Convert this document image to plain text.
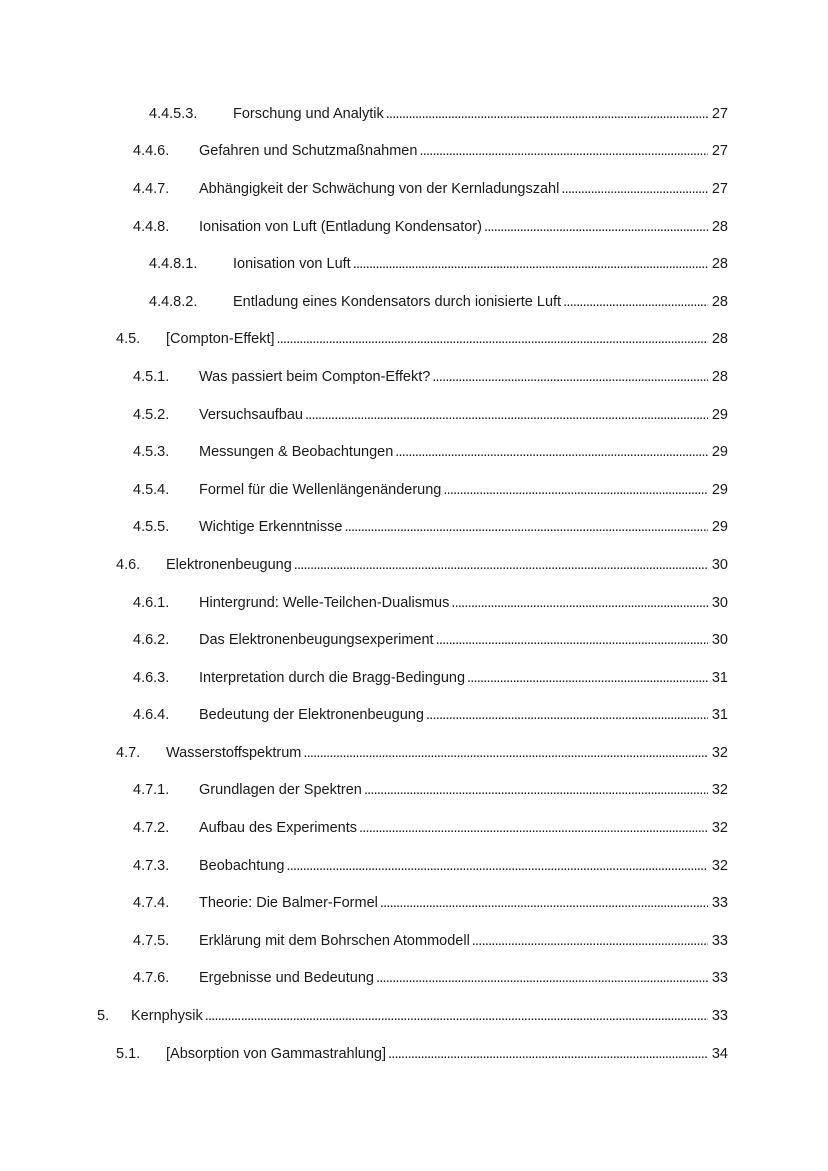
4.4.5.3. Forschung und Analytik . . .	27
4.4.6. Gefahren und Schutzmaßnahmen . . .	27
4.4.7. Abhängigkeit der Schwächung von der Kernladungszahl . . .	27
4.4.8. Ionisation von Luft (Entladung Kondensator) . . .	28
4.4.8.1. Ionisation von Luft . . .	28
4.4.8.2. Entladung eines Kondensators durch ionisierte Luft . . .	28
4.5. [Compton-Effekt] . . .	28
4.5.1. Was passiert beim Compton-Effekt? . . .	28
4.5.2. Versuchsaufbau . . .	29
4.5.3. Messungen & Beobachtungen . . .	29
4.5.4. Formel für die Wellenlängenänderung . . .	29
4.5.5. Wichtige Erkenntnisse . . .	29
4.6. Elektronenbeugung . . .	30
4.6.1. Hintergrund: Welle-Teilchen-Dualismus . . .	30
4.6.2. Das Elektronenbeugungsexperiment . . .	30
4.6.3. Interpretation durch die Bragg-Bedingung . . .	31
4.6.4. Bedeutung der Elektronenbeugung . . .	31
4.7. Wasserstoffspektrum . . .	32
4.7.1. Grundlagen der Spektren . . .	32
4.7.2. Aufbau des Experiments . . .	32
4.7.3. Beobachtung . . .	32
4.7.4. Theorie: Die Balmer-Formel . . .	33
4.7.5. Erklärung mit dem Bohrschen Atommodell . . .	33
4.7.6. Ergebnisse und Bedeutung . . .	33
5. Kernphysik . . .	33
5.1. [Absorption von Gammastrahlung] . . .	34
